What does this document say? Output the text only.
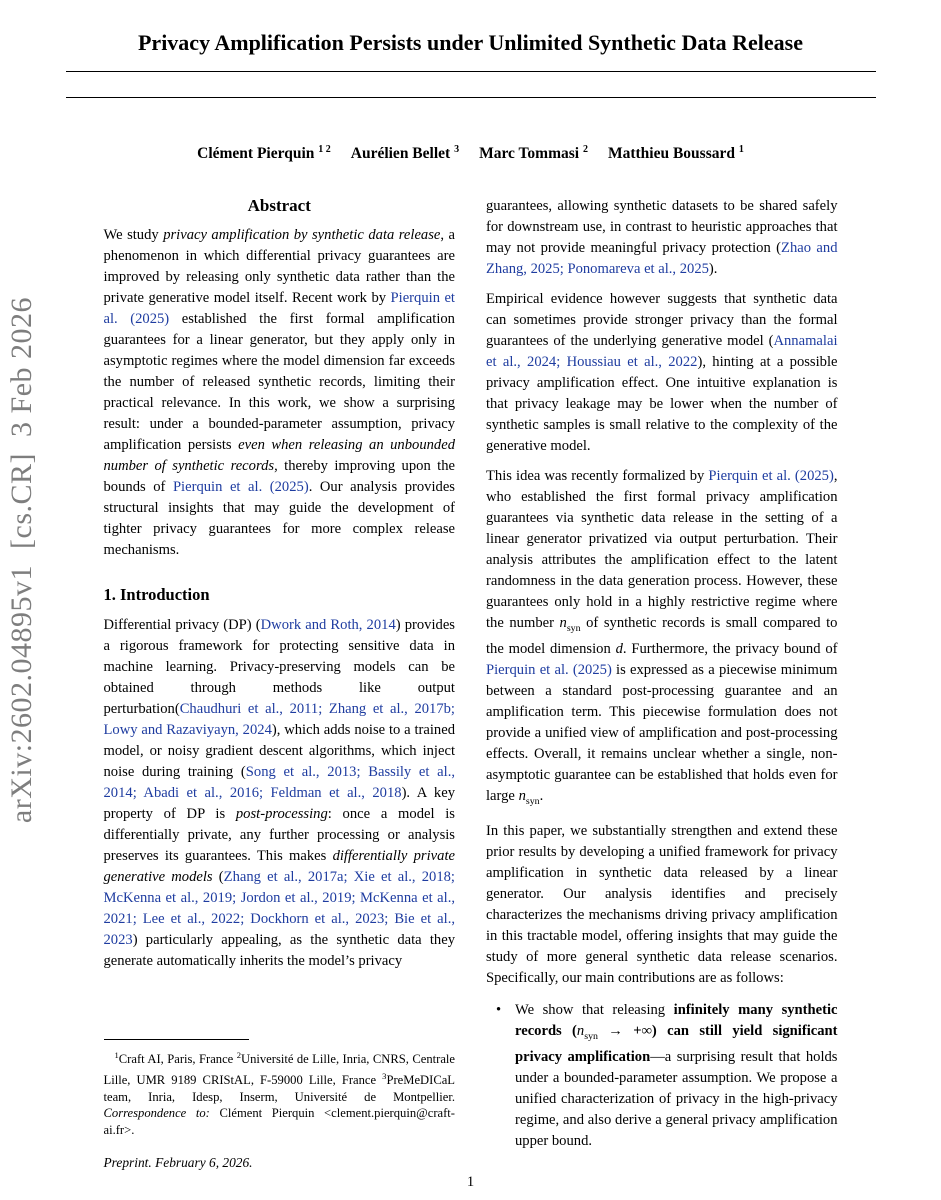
arXiv:2602.04895v1  [cs.CR]  3 Feb 2026
Privacy Amplification Persists under Unlimited Synthetic Data Release
Clément Pierquin $^{1 2}$ Aurélien Bellet $^3$ Marc Tommasi $^2$ Matthieu Boussard $^1$
Abstract

We study privacy amplification by synthetic data release, a phenomenon in which differential privacy guarantees are improved by releasing only synthetic data rather than the private generative model itself. Recent work by Pierquin et al. (2025) established the first formal amplification guarantees for a linear generator, but they apply only in asymptotic regimes where the model dimension far exceeds the number of released synthetic records, limiting their practical relevance. In this work, we show a surprising result: under a bounded-parameter assumption, privacy amplification persists even when releasing an unbounded number of synthetic records, thereby improving upon the bounds of Pierquin et al. (2025). Our analysis provides structural insights that may guide the development of tighter privacy guarantees for more complex release mechanisms.

1. Introduction

Differential privacy (DP) (Dwork and Roth, 2014) provides a rigorous framework for protecting sensitive data in machine learning. Privacy-preserving models can be obtained through methods like output perturbation(Chaudhuri et al., 2011; Zhang et al., 2017b; Lowy and Razaviyayn, 2024), which adds noise to a trained model, or noisy gradient descent algorithms, which inject noise during training (Song et al., 2013; Bassily et al., 2014; Abadi et al., 2016; Feldman et al., 2018). A key property of DP is post-processing: once a model is differentially private, any further processing or analysis preserves its guarantees. This makes differentially private generative models (Zhang et al., 2017a; Xie et al., 2018; McKenna et al., 2019; Jordon et al., 2019; McKenna et al., 2021; Lee et al., 2022; Dockhorn et al., 2023; Bie et al., 2023) particularly appealing, as the synthetic data they generate automatically inherits the model’s privacy

$^1$Craft AI, Paris, France $^2$Université de Lille, Inria, CNRS, Centrale Lille, UMR 9189 CRIStAL, F-59000 Lille, France $^3$PreMeDICaL team, Inria, Idesp, Inserm, Université de Montpellier. Correspondence to: Clément Pierquin <clement.pierquin@craft-ai.fr>.

Preprint. February 6, 2026.

guarantees, allowing synthetic datasets to be shared safely for downstream use, in contrast to heuristic approaches that may not provide meaningful privacy protection (Zhao and Zhang, 2025; Ponomareva et al., 2025).

Empirical evidence however suggests that synthetic data can sometimes provide stronger privacy than the formal guarantees of the underlying generative model (Annamalai et al., 2024; Houssiau et al., 2022), hinting at a possible privacy amplification effect. One intuitive explanation is that privacy leakage may be lower when the number of synthetic samples is small relative to the complexity of the generative model.

This idea was recently formalized by Pierquin et al. (2025), who established the first formal privacy amplification guarantees via synthetic data release in the setting of a linear generator privatized via output perturbation. Their analysis attributes the amplification effect to the latent randomness in the data generation process. However, these guarantees only hold in a highly restrictive regime where the number $n_{syn}$ of synthetic records is small compared to the model dimension d. Furthermore, the privacy bound of Pierquin et al. (2025) is expressed as a piecewise minimum between a standard post-processing guarantee and an amplification term. This piecewise formulation does not provide a unified view of amplification and post-processing effects. Overall, it remains unclear whether a single, non-asymptotic guarantee can be established that holds even for large $n_{syn}$.

In this paper, we substantially strengthen and extend these prior results by developing a unified framework for privacy amplification in synthetic data released by a linear generator. Our analysis identifies and precisely characterizes the mechanisms driving privacy amplification in this tractable model, offering insights that may guide the study of more general synthetic data release scenarios. Specifically, our main contributions are as follows:

• We show that releasing infinitely many synthetic records ($n_{syn}$ → +∞) can still yield significant privacy amplification—a surprising result that holds under a bounded-parameter assumption. We propose a unified characterization of privacy in the high-privacy regime, and also derive a general privacy amplification upper bound.

1
